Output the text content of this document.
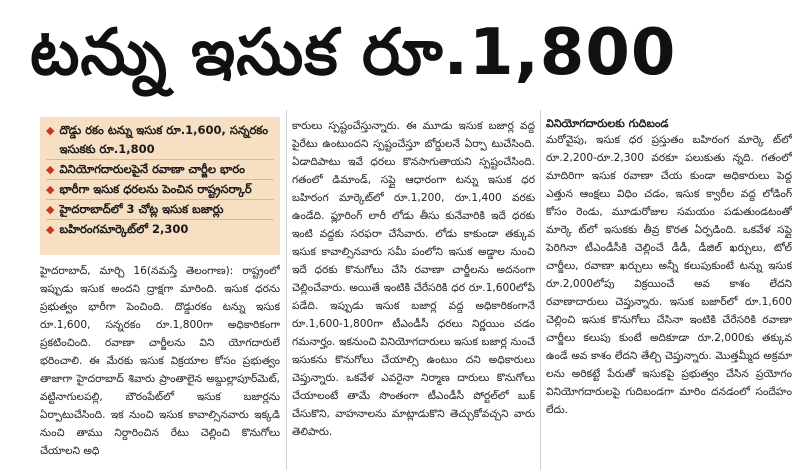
టన్ను ఇసుక రూ.1,800
◆ దొడ్డు రకం టన్ను ఇసుక రూ.1,600, సన్నరకం ఇసుకకు రూ.1,800
◆ వినియోగదారులపైనే రవాణా చార్జీల భారం
◆ భారీగా ఇసుక ధరలను పెంచిన రాష్ట్రసర్కార్
◆ హైదరాబాద్‌లో 3 చోట్ల ఇసుక బజార్లు
◆ బహిరంగమార్కెట్‌లో 2,300

హైదరాబాద్, మార్చి 16(నమస్తే తెలంగాణ): రాష్ట్రంలో ఇప్పుడు ఇసుక అందని ద్రాక్షగా మారింది. ఇసుక ధరను ప్రభుత్వం భారీగా పెంచింది. దొడ్డురకం టన్ను ఇసుక రూ.1,600, సన్నరకం రూ.1,800గా అధికారికంగా ప్రకటించింది. రవాణా చార్జీలను విని యోగదారులే భరించాలి. ఈ మేరకు ఇసుక విక్రయాల కోసం ప్రభుత్వం తాజాగా హైదరాబాద్ శివారు ప్రాంతాలైన అబ్దుల్లాపూర్‌మెట్, వట్టినాగులపల్లి, బౌరంపేట్‌లో ఇసుక బజార్లను ఏర్పాటుచేసింది. ఇక నుంచి ఇసుక కావాల్సినవారు ఇక్కడి నుంచి తాము నిర్దారించిన రేటు చెల్లించి కొనుగోలు చేయాలని అధి

కారులు స్పష్టంచేస్తున్నారు. ఈ మూడు ఇసుక బజార్ల వద్ద పైరేటు ఉంటుందని స్పష్టంచేస్తూ బోర్డులనే ఏర్పా టుచేసింది. ఏడాదిపాటు ఇవే ధరలు కొనసాగుతాయని స్పష్టంచేసింది. గతంలో డిమాండ్, సప్లై ఆధారంగా టన్ను ఇసుక ధర బహిరంగ మార్కెట్‌లో రూ.1,200, రూ.1,400 వరకు ఉండేది. ఫ్లూరింగ్ లారీ లోడు తీసు కునేవారికి ఇదే ధరకు ఇంటి వద్దకు సరఫరా చేసేవారు. లోడు కాకుండా తక్కువ ఇసుక కావాల్సినవారు సమీ పంలోని ఇసుక అడ్డాల నుంచి ఇదే ధరకు కొనుగోలు చేసి రవాణా చార్జీలను అదనంగా చెల్లించేవారు. అయితే ఇంటికి చేరేసరికి ధర రూ.1,600లోపే పడేది. ఇప్పుడు ఇసుక బజార్ల వద్ద అధికారికంగానే రూ.1,600-1,800గా టీఎండీసీ ధరలు నిర్ణయిం చడం గమనార్హం. ఇకనుంచి వినియోగదారులు ఇసుక బజార్ల నుంచే ఇసుకను కొనుగోలు చేయాల్సి ఉంటుం దని అధికారులు చెప్తున్నారు. ఒకవేళ ఎవరైనా నిర్మాణ దారులు కొనుగోలు చేయాలంటే తామే సొంతంగా టీఎండీసీ పోర్టల్‌లో బుక్ చేసుకొని, వాహనాలను మాట్లాడుకొని తెచ్చుకోవచ్చని వారు తెలిపారు.

వినియోగదారులకు గుదిబండ

మరోవైపు, ఇసుక ధర ప్రస్తుతం బహిరంగ మార్కె ట్‌లో రూ.2,200-రూ.2,300 వరకూ పలుకుతు న్నది. గతంలో మాదిరిగా ఇసుక రవాణా చేయ కుండా అధికారులు పెద్ద ఎత్తున ఆంక్షలు విధిం చడం, ఇసుక క్వారీల వద్ద లోడింగ్ కోసం రెండు, మూడురోజుల సమయం పడుతుండటంతో మార్కె ట్‌లో ఇసుకకు తీవ్ర కొరత ఏర్పడింది. ఒకవేళ సప్లై పెరిగినా టీఎండీసీకి చెల్లించే డీడీ, డీజిల్ ఖర్చులు, టోల్ చార్జీలు, రవాణా ఖర్చులు అన్నీ కలుపుకుంటే టన్ను ఇసుక రూ.2,000లోపు విక్రయించే అవ కాశం లేదని రవాణాదారులు చెప్తున్నారు. ఇసుక బజార్‌లో రూ.1,600 చెల్లించి ఇసుక కొనుగోలు చేసినా ఇంటికి చేరేసరికి రవాణా చార్జీలు కలుపు కుంటే అదికూడా రూ.2,000కు తక్కువ ఉండే అవ కాశం లేదని తేల్చి చెప్తున్నారు. మొత్తమ్మీద అక్రమా లను అరికట్టే పేరుతో ఇసుకపై ప్రభుత్వం చేసిన ప్రయోగం వినియోగదారులపై గుదిబండగా మారిం దనడంలో సందేహం లేదు.
